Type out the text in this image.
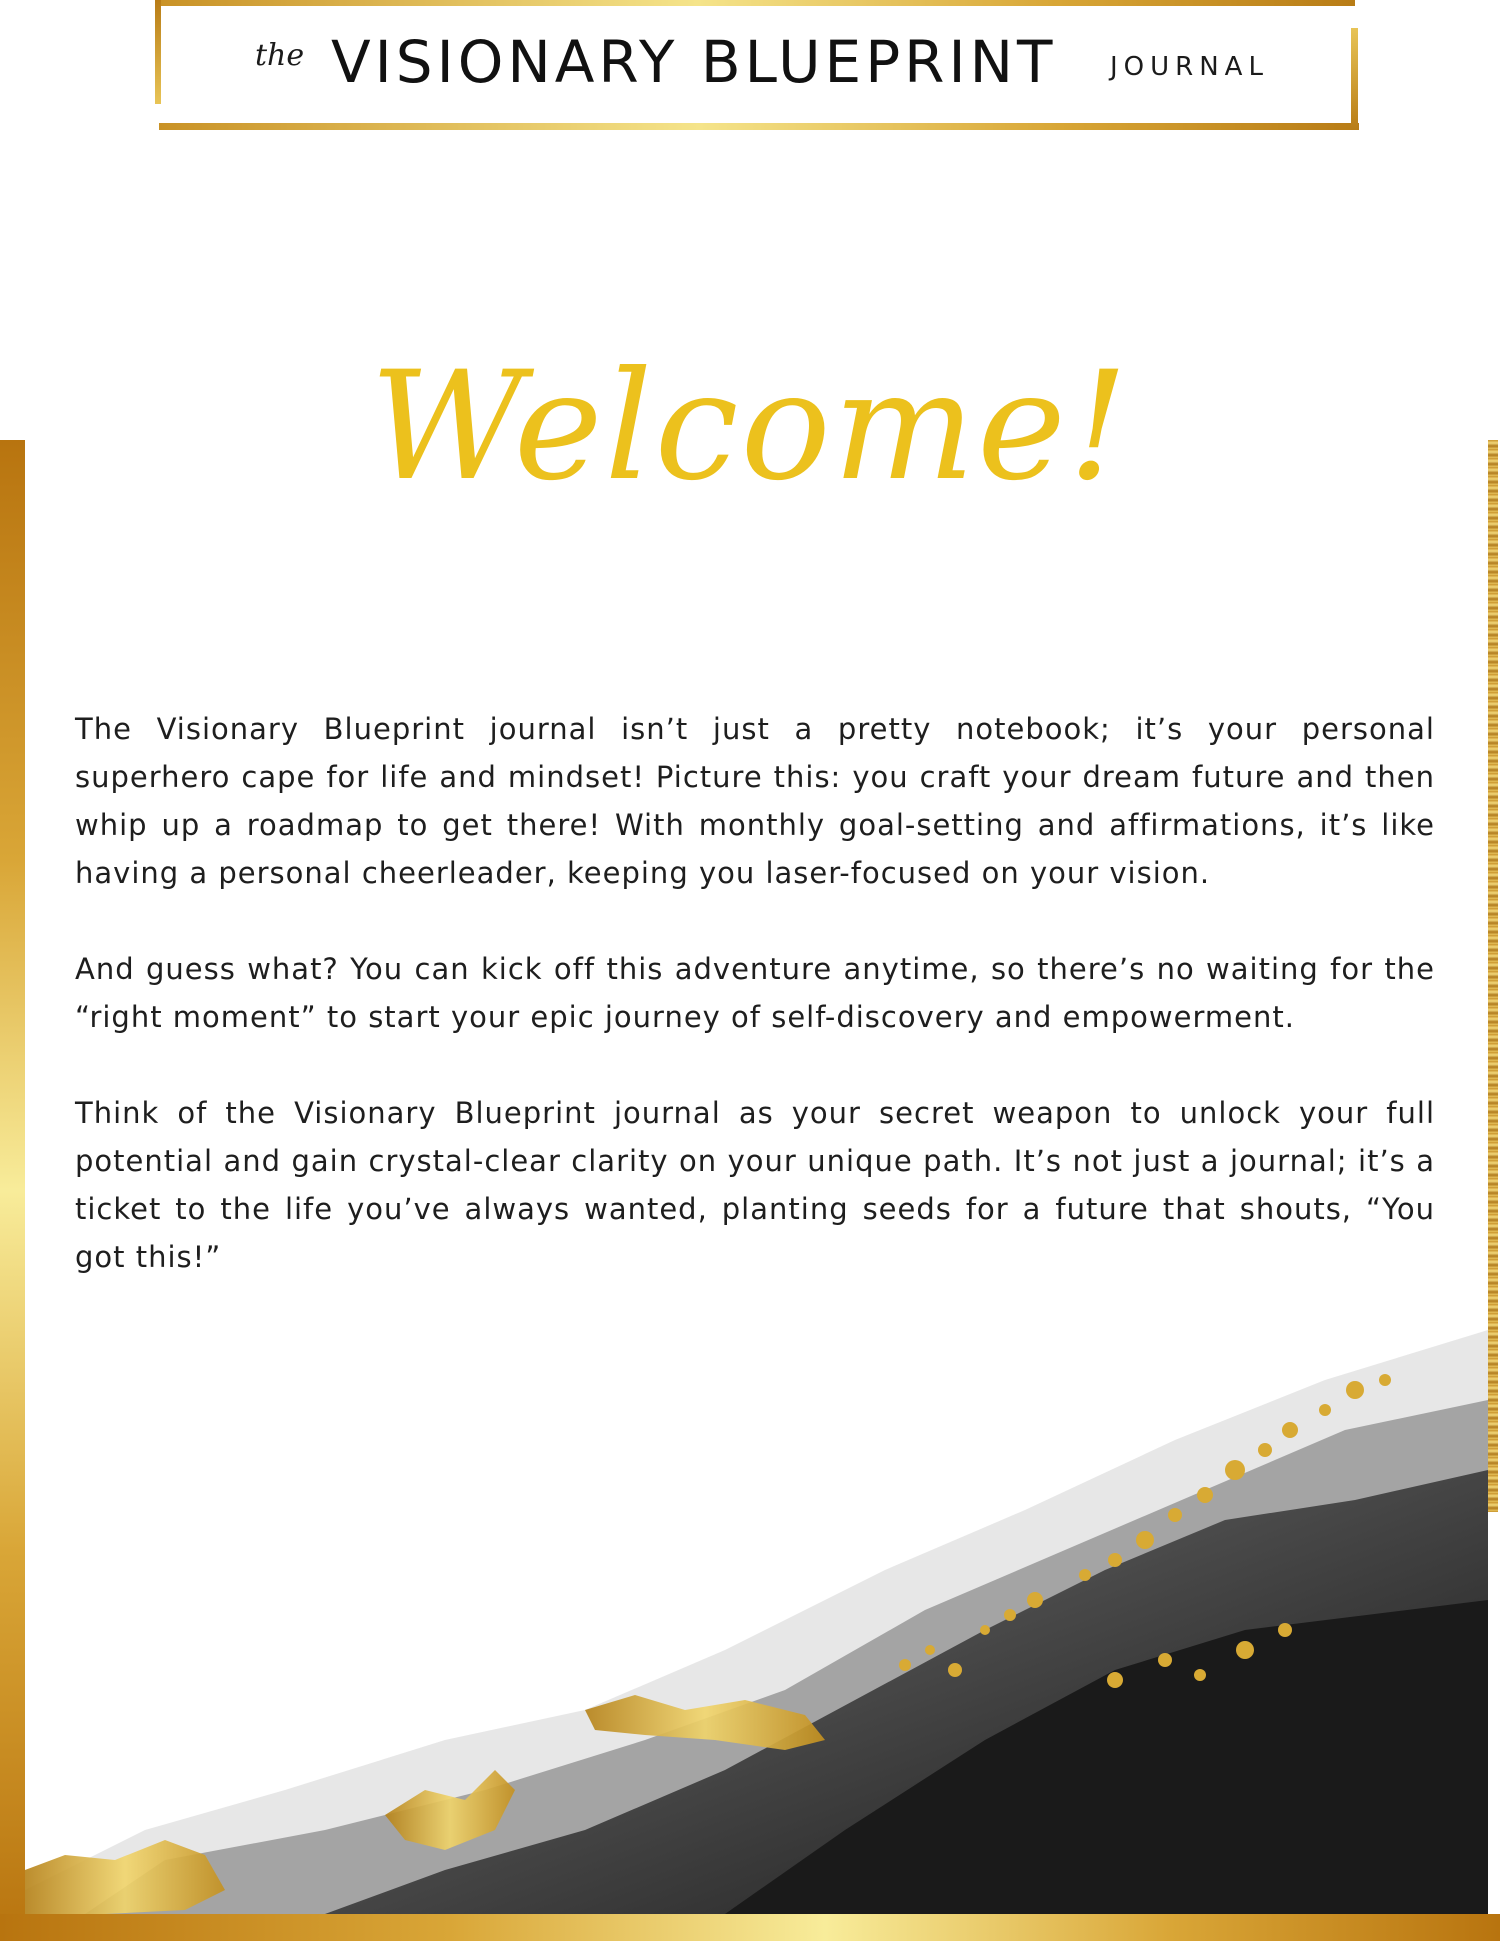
the VISIONARY BLUEPRINT JOURNAL
Welcome!

The Visionary Blueprint journal isn’t just a pretty notebook; it’s your personal superhero cape for life and mindset! Picture this: you craft your dream future and then whip up a roadmap to get there! With monthly goal-setting and affirmations, it’s like having a personal cheerleader, keeping you laser-focused on your vision.

And guess what? You can kick off this adventure anytime, so there’s no waiting for the “right moment” to start your epic journey of self-discovery and empowerment.

Think of the Visionary Blueprint journal as your secret weapon to unlock your full potential and gain crystal-clear clarity on your unique path. It’s not just a journal; it’s a ticket to the life you’ve always wanted, planting seeds for a future that shouts, “You got this!”
